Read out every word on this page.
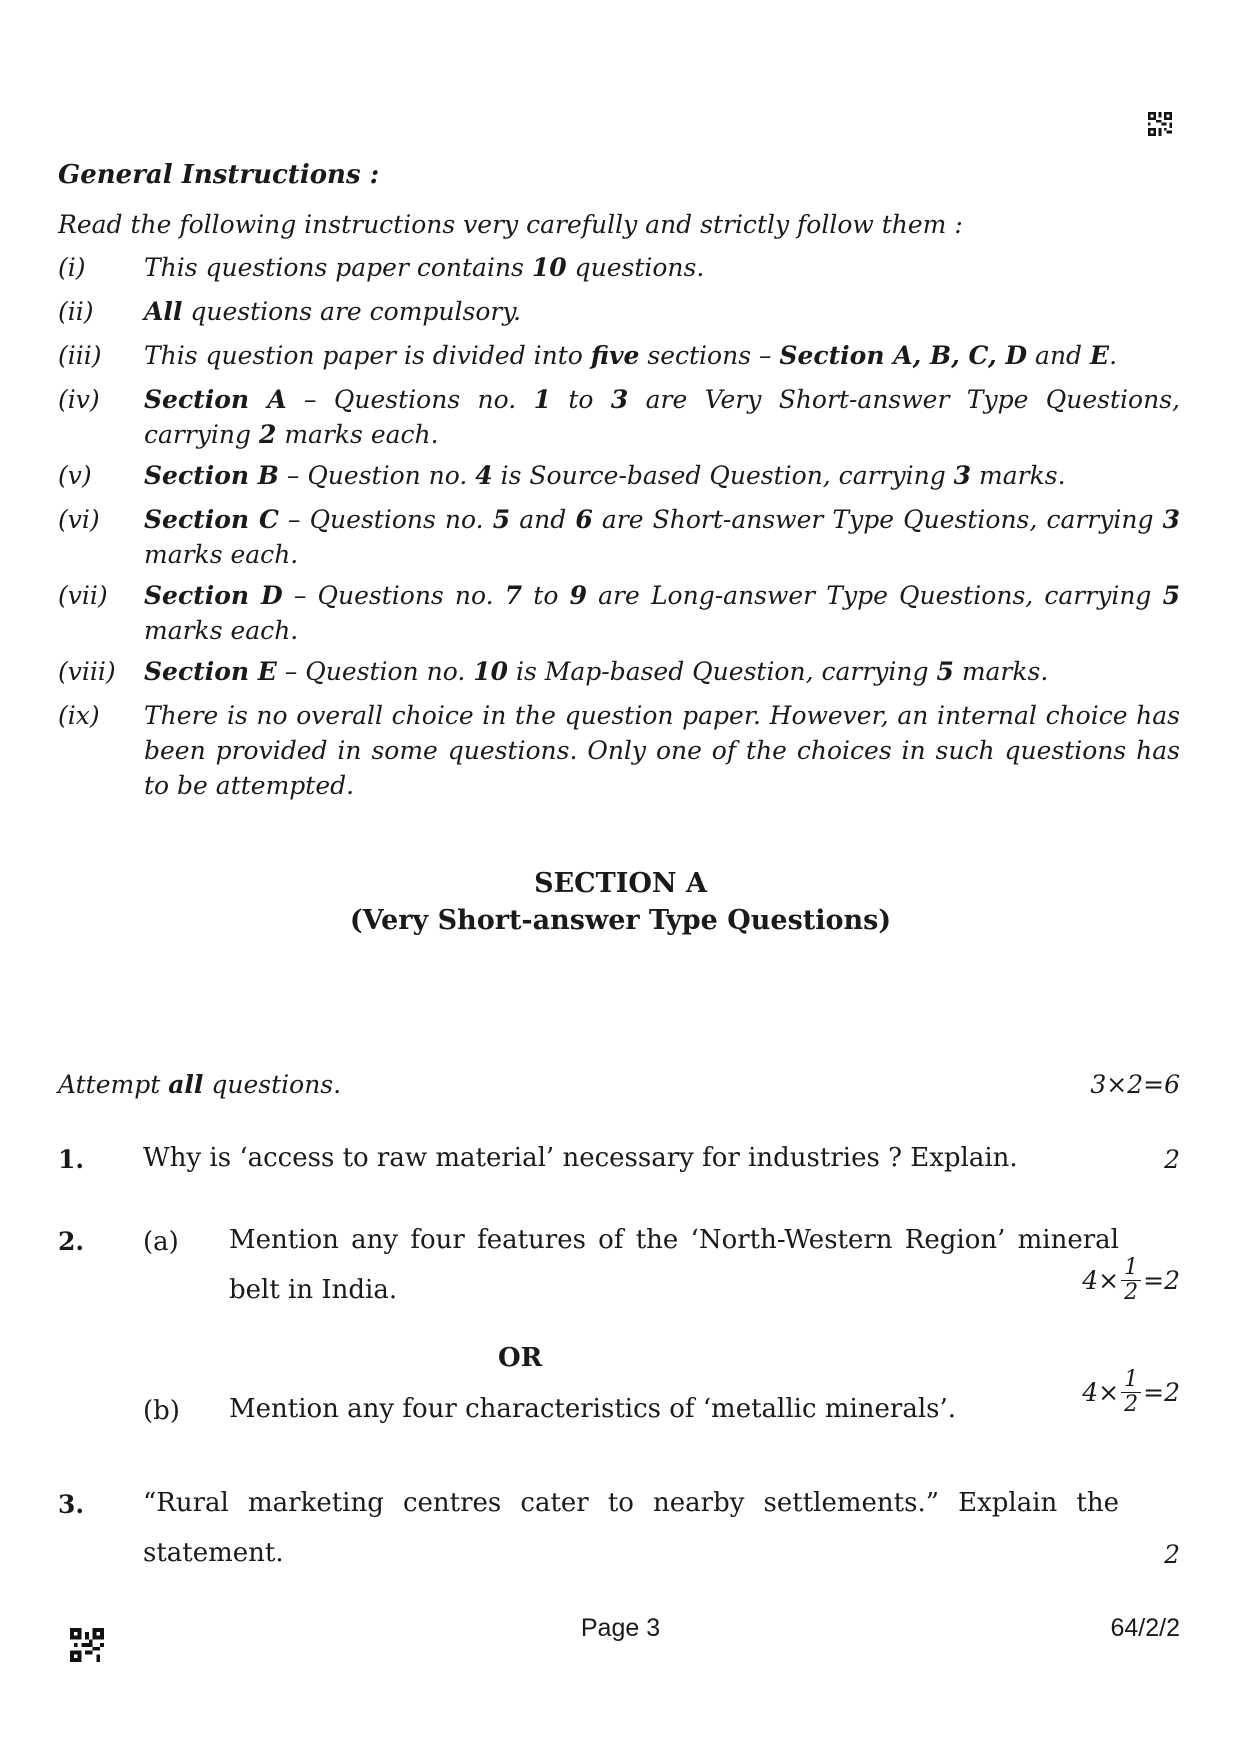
General Instructions :
Read the following instructions very carefully and strictly follow them :
(i) This questions paper contains 10 questions.
(ii) All questions are compulsory.
(iii) This question paper is divided into five sections – Section A, B, C, D and E.
(iv) Section A – Questions no. 1 to 3 are Very Short-answer Type Questions, carrying 2 marks each.
(v) Section B – Question no. 4 is Source-based Question, carrying 3 marks.
(vi) Section C – Questions no. 5 and 6 are Short-answer Type Questions, carrying 3 marks each.
(vii) Section D – Questions no. 7 to 9 are Long-answer Type Questions, carrying 5 marks each.
(viii) Section E – Question no. 10 is Map-based Question, carrying 5 marks.
(ix) There is no overall choice in the question paper. However, an internal choice has been provided in some questions. Only one of the choices in such questions has to be attempted.
SECTION A
(Very Short-answer Type Questions)
Attempt all questions.	3×2=6
1. Why is ‘access to raw material’ necessary for industries ? Explain.	2
2. (a) Mention any four features of the ‘North-Western Region’ mineral belt in India.	$4\times \frac{1}{2} =2$
OR
(b) Mention any four characteristics of ‘metallic minerals’.
$4\times \frac{1}{2} =2$
3. “Rural marketing centres cater to nearby settlements.” Explain the statement.	2
Page 3	64/2/2
